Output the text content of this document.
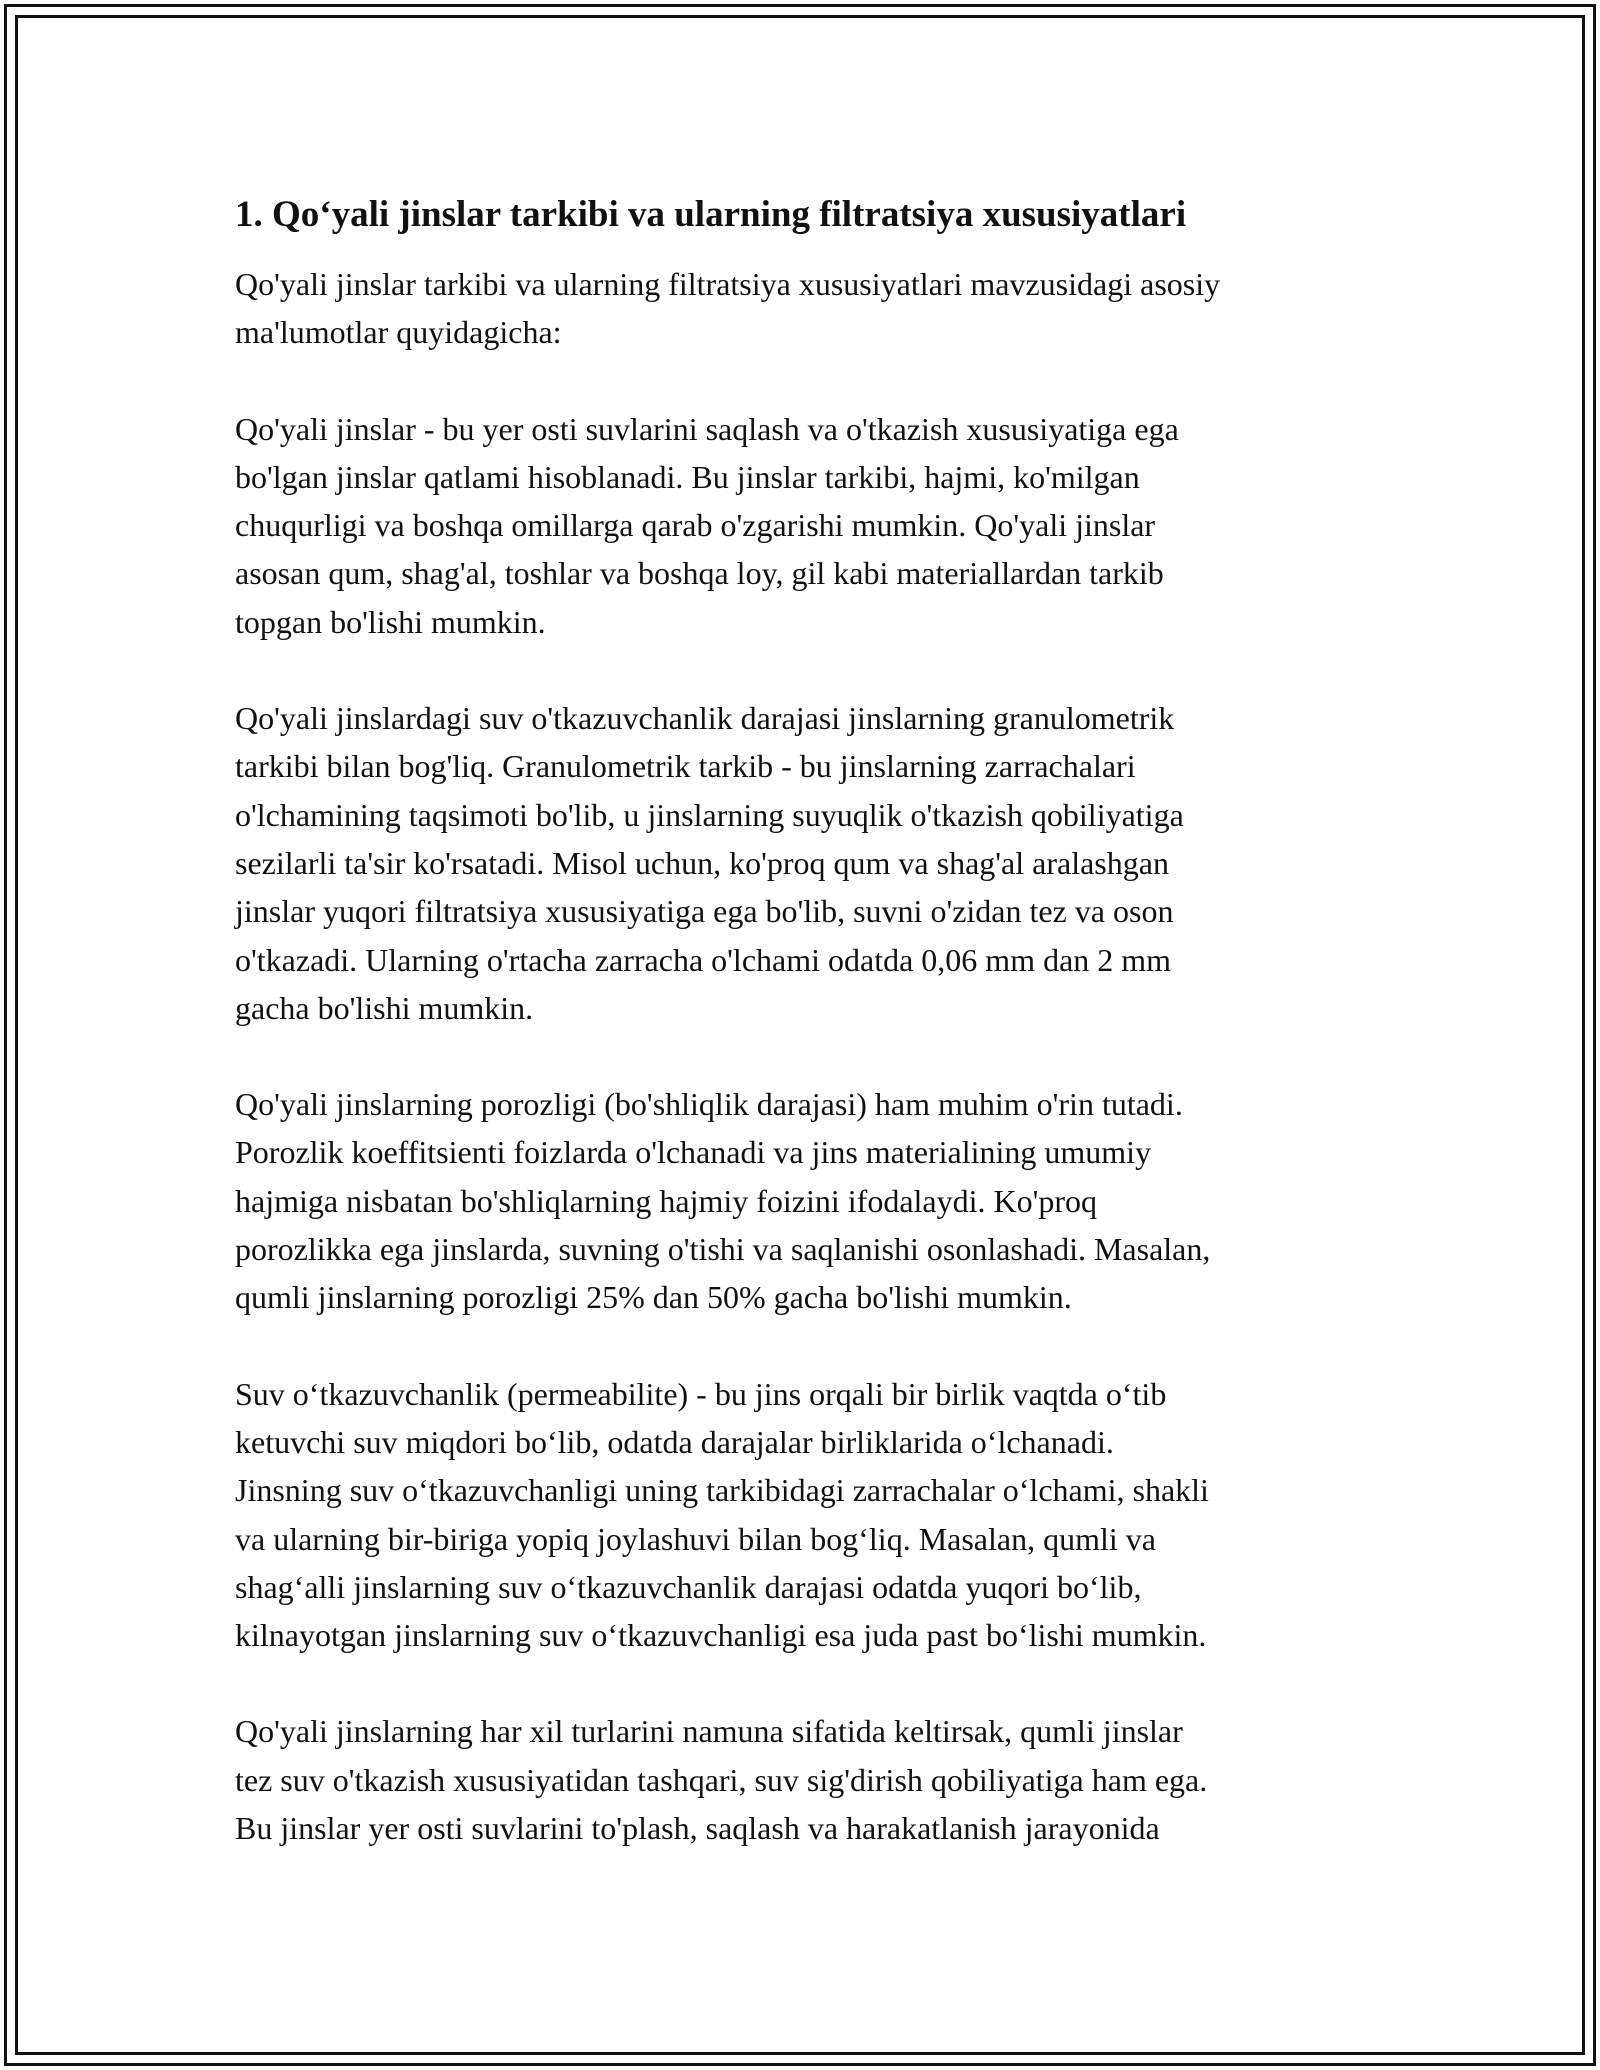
1. Qo‘yali jinslar tarkibi va ularning filtratsiya xususiyatlari

Qo'yali jinslar tarkibi va ularning filtratsiya xususiyatlari mavzusidagi asosiy
ma'lumotlar quyidagicha:

Qo'yali jinslar - bu yer osti suvlarini saqlash va o'tkazish xususiyatiga ega
bo'lgan jinslar qatlami hisoblanadi. Bu jinslar tarkibi, hajmi, ko'milgan
chuqurligi va boshqa omillarga qarab o'zgarishi mumkin. Qo'yali jinslar
asosan qum, shag'al, toshlar va boshqa loy, gil kabi materiallardan tarkib
topgan bo'lishi mumkin.

Qo'yali jinslardagi suv o'tkazuvchanlik darajasi jinslarning granulometrik
tarkibi bilan bog'liq. Granulometrik tarkib - bu jinslarning zarrachalari
o'lchamining taqsimoti bo'lib, u jinslarning suyuqlik o'tkazish qobiliyatiga
sezilarli ta'sir ko'rsatadi. Misol uchun, ko'proq qum va shag'al aralashgan
jinslar yuqori filtratsiya xususiyatiga ega bo'lib, suvni o'zidan tez va oson
o'tkazadi. Ularning o'rtacha zarracha o'lchami odatda 0,06 mm dan 2 mm
gacha bo'lishi mumkin.

Qo'yali jinslarning porozligi (bo'shliqlik darajasi) ham muhim o'rin tutadi.
Porozlik koeffitsienti foizlarda o'lchanadi va jins materialining umumiy
hajmiga nisbatan bo'shliqlarning hajmiy foizini ifodalaydi. Ko'proq
porozlikka ega jinslarda, suvning o'tishi va saqlanishi osonlashadi. Masalan,
qumli jinslarning porozligi 25% dan 50% gacha bo'lishi mumkin.

Suv o‘tkazuvchanlik (permeabilite) - bu jins orqali bir birlik vaqtda o‘tib
ketuvchi suv miqdori bo‘lib, odatda darajalar birliklarida o‘lchanadi.
Jinsning suv o‘tkazuvchanligi uning tarkibidagi zarrachalar o‘lchami, shakli
va ularning bir-biriga yopiq joylashuvi bilan bog‘liq. Masalan, qumli va
shag‘alli jinslarning suv o‘tkazuvchanlik darajasi odatda yuqori bo‘lib,
kilnayotgan jinslarning suv o‘tkazuvchanligi esa juda past bo‘lishi mumkin.

Qo'yali jinslarning har xil turlarini namuna sifatida keltirsak, qumli jinslar
tez suv o'tkazish xususiyatidan tashqari, suv sig'dirish qobiliyatiga ham ega.
Bu jinslar yer osti suvlarini to'plash, saqlash va harakatlanish jarayonida
